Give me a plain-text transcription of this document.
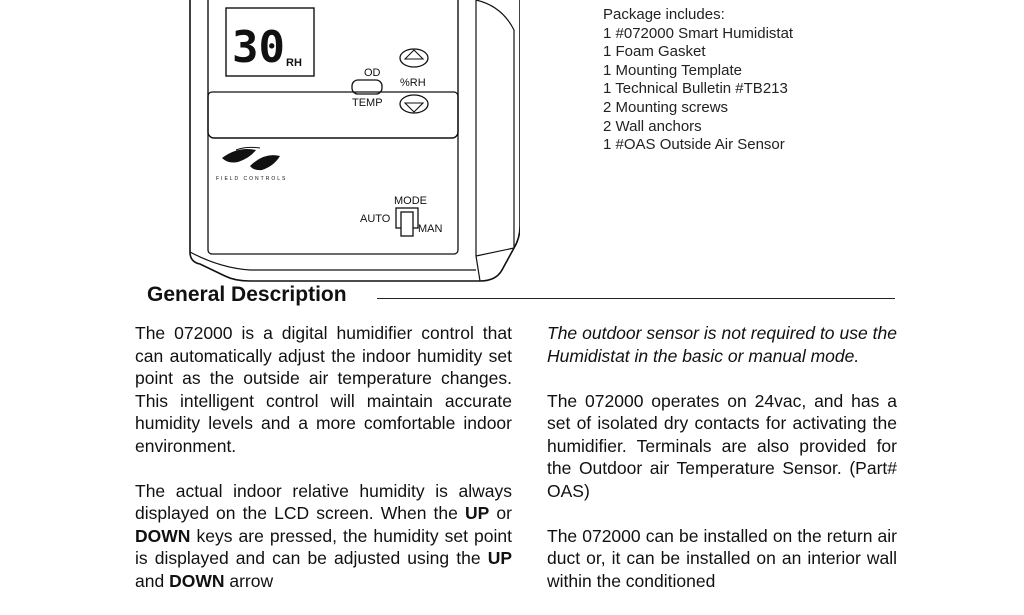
30 RH
OD
TEMP
%RH
FIELD CONTROLS
MODE
AUTO
MAN
Package includes:
1 #072000 Smart Humidistat
1 Foam Gasket
1 Mounting Template
1 Technical Bulletin #TB213
2 Mounting screws
2 Wall anchors
1 #OAS Outside Air Sensor
General Description

The 072000 is a digital humidifier control that can automatically adjust the indoor humidity set point as the outside air temperature changes. This intelligent control will maintain accurate humidity levels and a more comfortable indoor environment.

The actual indoor relative humidity is always displayed on the LCD screen. When the UP or DOWN keys are pressed, the humidity set point is displayed and can be adjusted using the UP and DOWN arrow

The outdoor sensor is not required to use the Humidistat in the basic or manual mode.

The 072000 operates on 24vac, and has a set of isolated dry contacts for activating the humidifier. Terminals are also provided for the Outdoor air Temperature Sensor. (Part# OAS)

The 072000 can be installed on the return air duct or, it can be installed on an interior wall within the conditioned
